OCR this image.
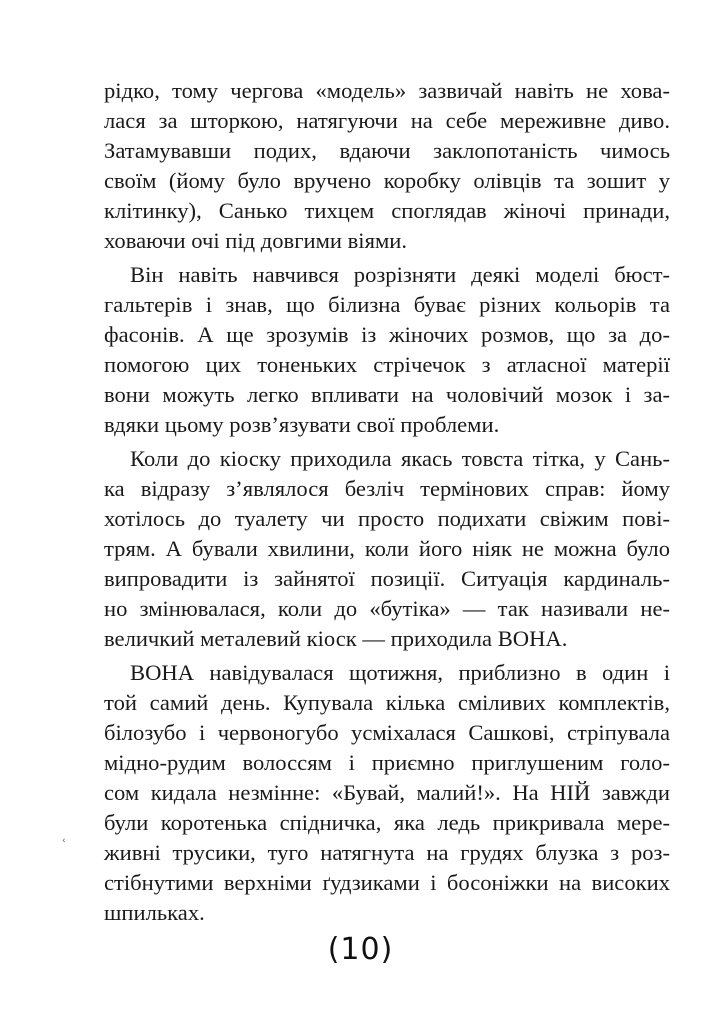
‹

рідко, тому чергова «модель» зазвичай навіть не хова-
лася за шторкою, натягуючи на себе мереживне диво.
Затамувавши подих, вдаючи заклопотаність чимось
своїм (йому було вручено коробку олівців та зошит у
клітинку), Санько тихцем споглядав жіночі принади,
ховаючи очі під довгими віями.

Він навіть навчився розрізняти деякі моделі бюст-
гальтерів і знав, що білизна буває різних кольорів та
фасонів. А ще зрозумів із жіночих розмов, що за до-
помогою цих тоненьких стрічечок з атласної матерії
вони можуть легко впливати на чоловічий мозок і за-
вдяки цьому розв’язувати свої проблеми.

Коли до кіоску приходила якась товста тітка, у Сань-
ка відразу з’являлося безліч термінових справ: йому
хотілось до туалету чи просто подихати свіжим пові-
трям. А бували хвилини, коли його ніяк не можна було
випровадити із зайнятої позиції. Ситуація кардиналь-
но змінювалася, коли до «бутіка» — так називали не-
величкий металевий кіоск — приходила ВОНА.

ВОНА навідувалася щотижня, приблизно в один і
той самий день. Купувала кілька сміливих комплектів,
білозубо і червоногубо усміхалася Сашкові, стріпувала
мідно-рудим волоссям і приємно приглушеним голо-
сом кидала незмінне: «Бувай, малий!». На НІЙ завжди
були коротенька спідничка, яка ледь прикривала мере-
живні трусики, туго натягнута на грудях блузка з роз-
стібнутими верхніми ґудзиками і босоніжки на високих
шпильках.

(10)
